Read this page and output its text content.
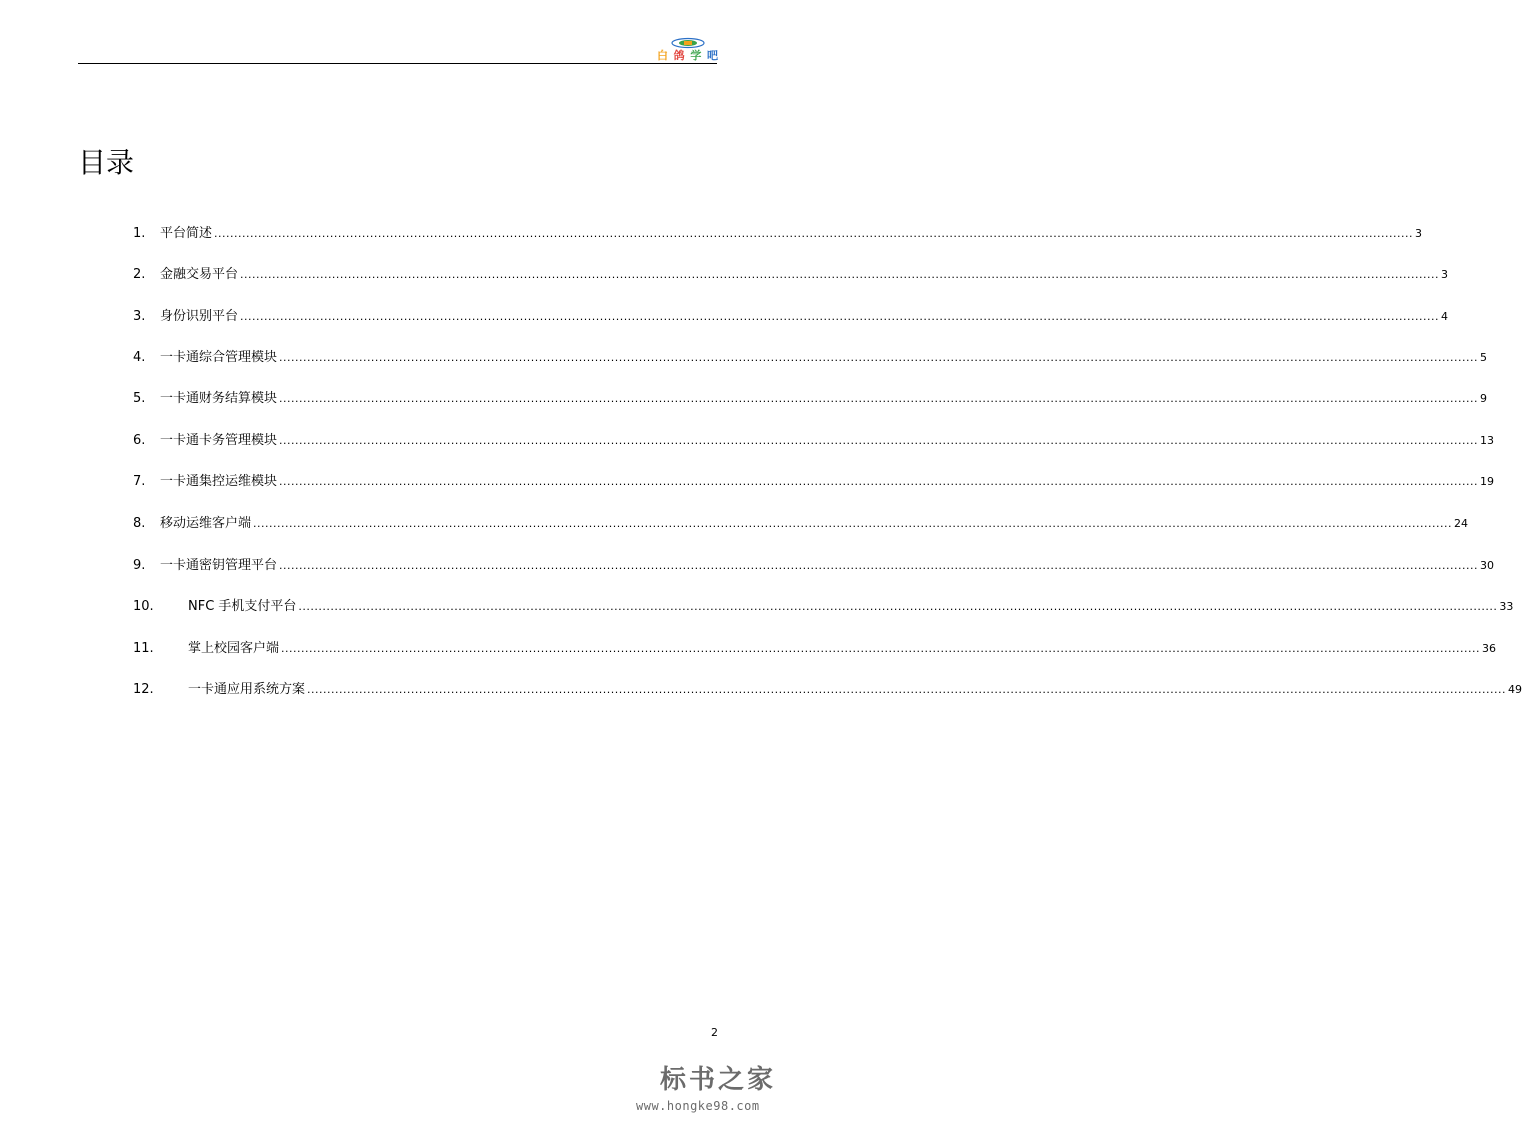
白 鸽 学 吧
目录
1. 平台简述 ............................................................................................................................................................................................................................................................................................................ 3
2. 金融交易平台 ............................................................................................................................................................................................................................................................................................................ 3
3. 身份识别平台 ............................................................................................................................................................................................................................................................................................................ 4
4. 一卡通综合管理模块 ............................................................................................................................................................................................................................................................................................................ 5
5. 一卡通财务结算模块 ............................................................................................................................................................................................................................................................................................................ 9
6. 一卡通卡务管理模块 ............................................................................................................................................................................................................................................................................................................ 13
7. 一卡通集控运维模块 ............................................................................................................................................................................................................................................................................................................ 19
8. 移动运维客户端 ............................................................................................................................................................................................................................................................................................................ 24
9. 一卡通密钥管理平台 ............................................................................................................................................................................................................................................................................................................ 30
10.	NFC 手机支付平台 ............................................................................................................................................................................................................................................................................................................ 33
11.	掌上校园客户端 ............................................................................................................................................................................................................................................................................................................ 36
12.	一卡通应用系统方案 ............................................................................................................................................................................................................................................................................................................ 49
2
标书之家
www.hongke98.com
